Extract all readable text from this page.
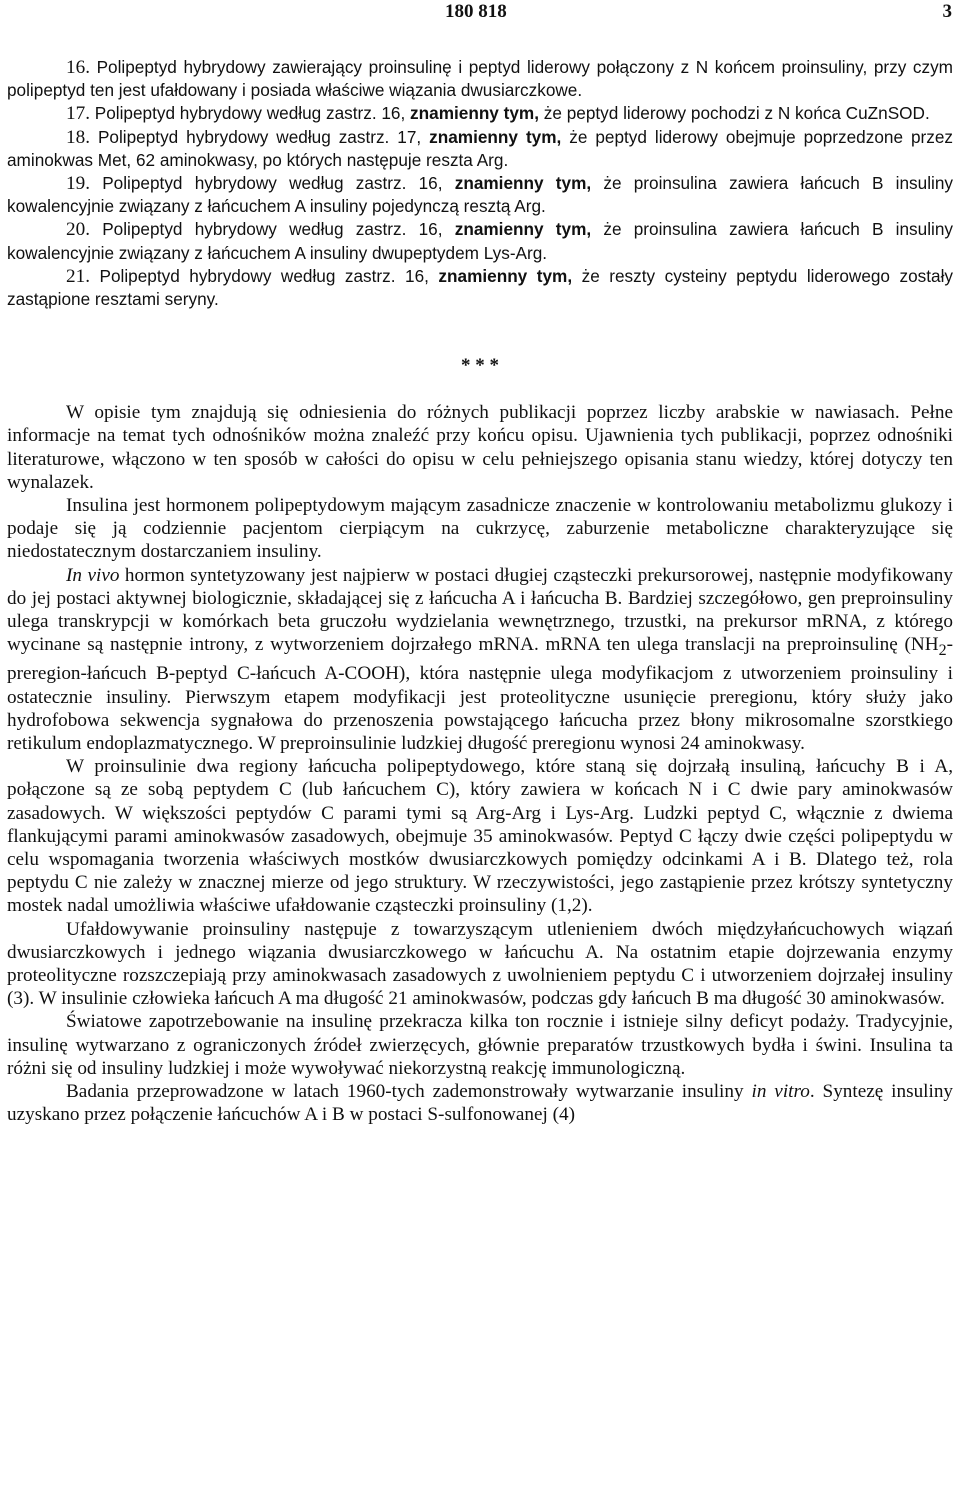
180 818	3

16. Polipeptyd hybrydowy zawierający proinsulinę i peptyd liderowy połączony z N końcem proinsuliny, przy czym polipeptyd ten jest ufałdowany i posiada właściwe wiązania dwusiarczkowe.

17. Polipeptyd hybrydowy według zastrz. 16, znamienny tym, że peptyd liderowy pochodzi z N końca CuZnSOD.

18. Polipeptyd hybrydowy według zastrz. 17, znamienny tym, że peptyd liderowy obejmuje poprzedzone przez aminokwas Met, 62 aminokwasy, po których następuje reszta Arg.

19. Polipeptyd hybrydowy według zastrz. 16, znamienny tym, że proinsulina zawiera łańcuch B insuliny kowalencyjnie związany z łańcuchem A insuliny pojedynczą resztą Arg.

20. Polipeptyd hybrydowy według zastrz. 16, znamienny tym, że proinsulina zawiera łańcuch B insuliny kowalencyjnie związany z łańcuchem A insuliny dwupeptydem Lys-Arg.

21. Polipeptyd hybrydowy według zastrz. 16, znamienny tym, że reszty cysteiny peptydu liderowego zostały zastąpione resztami seryny.

* * *

W opisie tym znajdują się odniesienia do różnych publikacji poprzez liczby arabskie w nawiasach. Pełne informacje na temat tych odnośników można znaleźć przy końcu opisu. Ujawnienia tych publikacji, poprzez odnośniki literaturowe, włączono w ten sposób w całości do opisu w celu pełniejszego opisania stanu wiedzy, której dotyczy ten wynalazek.

Insulina jest hormonem polipeptydowym mającym zasadnicze znaczenie w kontrolowaniu metabolizmu glukozy i podaje się ją codziennie pacjentom cierpiącym na cukrzycę, zaburzenie metaboliczne charakteryzujące się niedostatecznym dostarczaniem insuliny.

In vivo hormon syntetyzowany jest najpierw w postaci długiej cząsteczki prekursorowej, następnie modyfikowany do jej postaci aktywnej biologicznie, składającej się z łańcucha A i łańcucha B. Bardziej szczegółowo, gen preproinsuliny ulega transkrypcji w komórkach beta gruczołu wydzielania wewnętrznego, trzustki, na prekursor mRNA, z którego wycinane są następnie introny, z wytworzeniem dojrzałego mRNA. mRNA ten ulega translacji na preproinsulinę ($NH_2-preregion$-łańcuch B-peptyd C-łańcuch A-COOH), która następnie ulega modyfikacjom z utworzeniem proinsuliny i ostatecznie insuliny. Pierwszym etapem modyfikacji jest proteolityczne usunięcie preregionu, który służy jako hydrofobowa sekwencja sygnałowa do przenoszenia powstającego łańcucha przez błony mikrosomalne szorstkiego retikulum endoplazmatycznego. W preproinsulinie ludzkiej długość preregionu wynosi 24 aminokwasy.

W proinsulinie dwa regiony łańcucha polipeptydowego, które staną się dojrzałą insuliną, łańcuchy B i A, połączone są ze sobą peptydem C (lub łańcuchem C), który zawiera w końcach N i C dwie pary aminokwasów zasadowych. W większości peptydów C parami tymi są Arg-Arg i Lys-Arg. Ludzki peptyd C, włącznie z dwiema flankującymi parami aminokwasów zasadowych, obejmuje 35 aminokwasów. Peptyd C łączy dwie części polipeptydu w celu wspomagania tworzenia właściwych mostków dwusiarczkowych pomiędzy odcinkami A i B. Dlatego też, rola peptydu C nie zależy w znacznej mierze od jego struktury. W rzeczywistości, jego zastąpienie przez krótszy syntetyczny mostek nadal umożliwia właściwe ufałdowanie cząsteczki proinsuliny (1,2).

Ufałdowywanie proinsuliny następuje z towarzyszącym utlenieniem dwóch międzyłańcuchowych wiązań dwusiarczkowych i jednego wiązania dwusiarczkowego w łańcuchu A. Na ostatnim etapie dojrzewania enzymy proteolityczne rozszczepiają przy aminokwasach zasadowych z uwolnieniem peptydu C i utworzeniem dojrzałej insuliny (3). W insulinie człowieka łańcuch A ma długość 21 aminokwasów, podczas gdy łańcuch B ma długość 30 aminokwasów.

Światowe zapotrzebowanie na insulinę przekracza kilka ton rocznie i istnieje silny deficyt podaży. Tradycyjnie, insulinę wytwarzano z ograniczonych źródeł zwierzęcych, głównie preparatów trzustkowych bydła i świni. Insulina ta różni się od insuliny ludzkiej i może wywoływać niekorzystną reakcję immunologiczną.

Badania przeprowadzone w latach 1960-tych zademonstrowały wytwarzanie insuliny in vitro. Syntezę insuliny uzyskano przez połączenie łańcuchów A i B w postaci S-sulfonowanej (4)
